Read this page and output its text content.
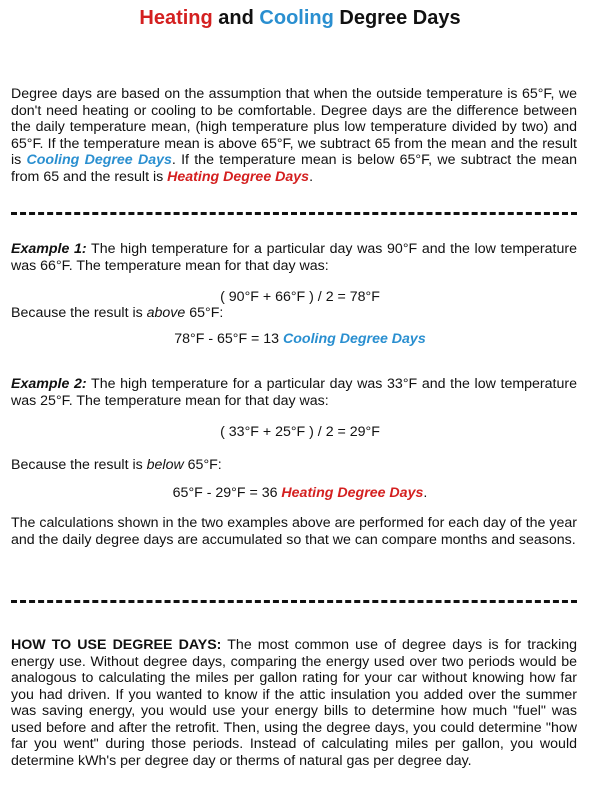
Heating and Cooling Degree Days
Degree days are based on the assumption that when the outside temperature is 65°F, we don't need heating or cooling to be comfortable. Degree days are the difference between the daily temperature mean, (high temperature plus low temperature divided by two) and 65°F. If the temperature mean is above 65°F, we subtract 65 from the mean and the result is Cooling Degree Days. If the temperature mean is below 65°F, we subtract the mean from 65 and the result is Heating Degree Days.
Example 1: The high temperature for a particular day was 90°F and the low temperature was 66°F. The temperature mean for that day was:
( 90°F + 66°F ) / 2 = 78°F
Because the result is above 65°F:
78°F - 65°F = 13 Cooling Degree Days
Example 2: The high temperature for a particular day was 33°F and the low temperature was 25°F. The temperature mean for that day was:
( 33°F + 25°F ) / 2 = 29°F
Because the result is below 65°F:
65°F - 29°F = 36 Heating Degree Days.
The calculations shown in the two examples above are performed for each day of the year and the daily degree days are accumulated so that we can compare months and seasons.
HOW TO USE DEGREE DAYS: The most common use of degree days is for tracking energy use. Without degree days, comparing the energy used over two periods would be analogous to calculating the miles per gallon rating for your car without knowing how far you had driven. If you wanted to know if the attic insulation you added over the summer was saving energy, you would use your energy bills to determine how much "fuel" was used before and after the retrofit. Then, using the degree days, you could determine "how far you went" during those periods. Instead of calculating miles per gallon, you would determine kWh's per degree day or therms of natural gas per degree day.
